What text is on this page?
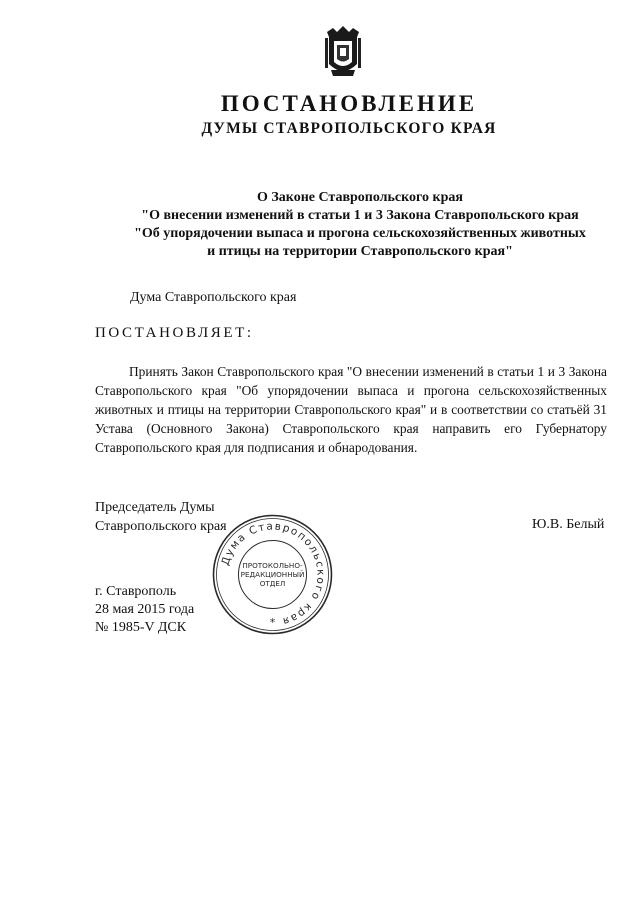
ПОСТАНОВЛЕНИЕ
ДУМЫ СТАВРОПОЛЬСКОГО КРАЯ
О Законе Ставропольского края
"О внесении изменений в статьи 1 и 3 Закона Ставропольского края
"Об упорядочении выпаса и прогона сельскохозяйственных животных
и птицы на территории Ставропольского края"
Дума Ставропольского края
ПОСТАНОВЛЯЕТ:
Принять Закон Ставропольского края "О внесении изменений в статьи 1 и 3 Закона Ставропольского края "Об упорядочении выпаса и прогона сельскохозяйственных животных и птицы на территории Ставропольского края" и в соответствии со статьёй 31 Устава (Основного Закона) Ставропольского края направить его Губернатору Ставропольского края для подписания и обнародования.
Председатель Думы
Ставропольского края	Ю.В. Белый
г. Ставрополь
28 мая 2015 года
№ 1985-V ДСК
Дума Ставропольского края
ПРОТОКОЛЬНО-
РЕДАКЦИОННЫЙ
ОТДЕЛ
*
